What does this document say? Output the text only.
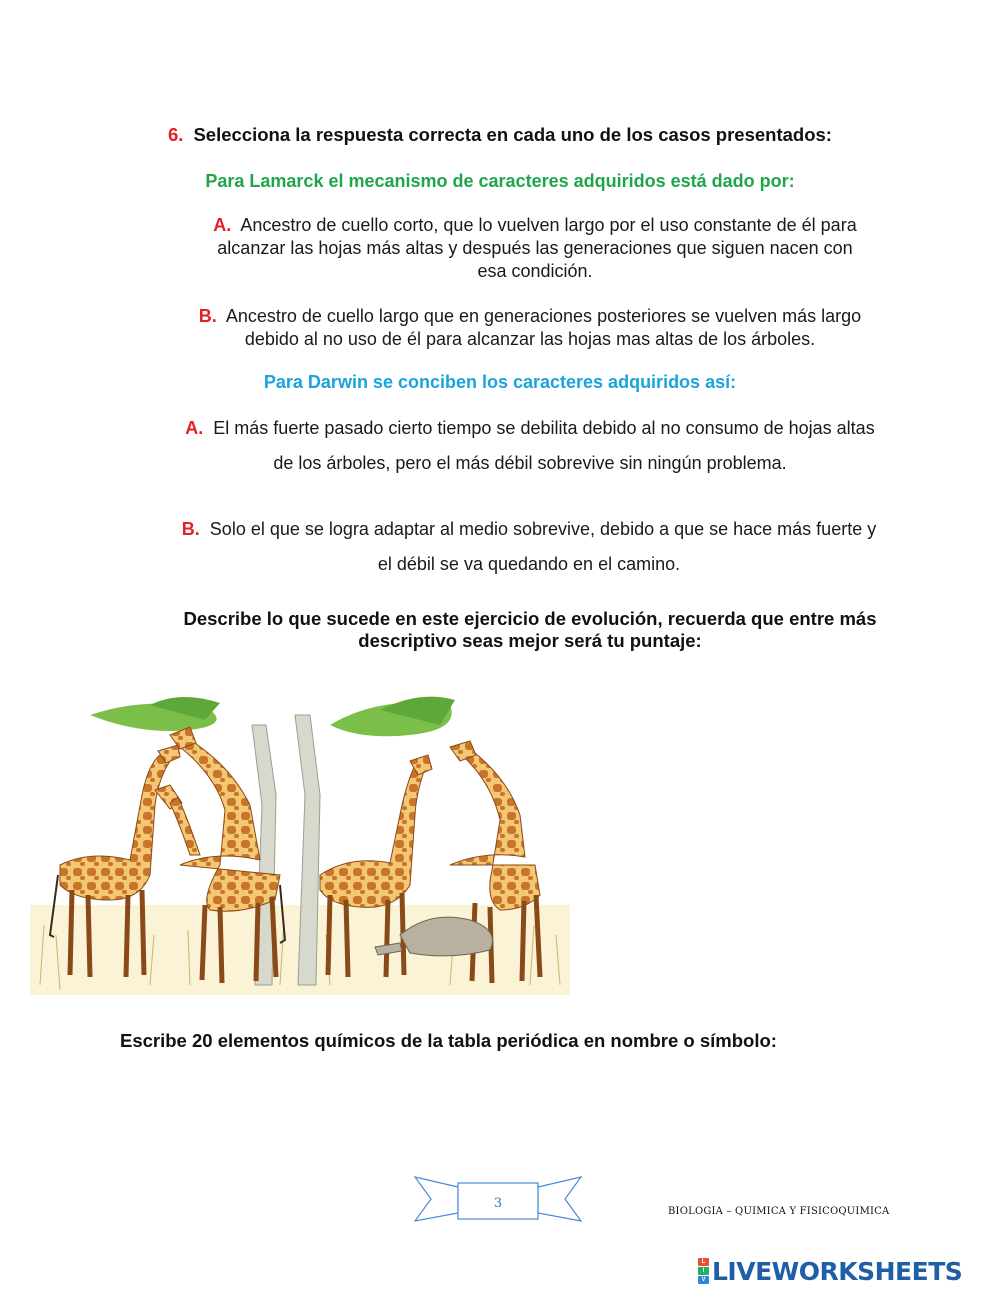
6. Selecciona la respuesta correcta en cada uno de los casos presentados:
Para Lamarck el mecanismo de caracteres adquiridos está dado por:
A. Ancestro de cuello corto, que lo vuelven largo por el uso constante de él para
alcanzar las hojas más altas y después las generaciones que siguen nacen con
esa condición.
B. Ancestro de cuello largo que en generaciones posteriores se vuelven más largo
debido al no uso de él para alcanzar las hojas mas altas de los árboles.
Para Darwin se conciben los caracteres adquiridos así:
A. El más fuerte pasado cierto tiempo se debilita debido al no consumo de hojas altas
de los árboles, pero el más débil sobrevive sin ningún problema.
B. Solo el que se logra adaptar al medio sobrevive, debido a que se hace más fuerte y
el débil se va quedando en el camino.
Describe lo que sucede en este ejercicio de evolución, recuerda que entre más
descriptivo seas mejor será tu puntaje:
Escribe 20 elementos químicos de la tabla periódica en nombre o símbolo:
3
BIOLOGIA – QUIMICA Y FISICOQUIMICA
L
I
V LIVEWORKSHEETS
